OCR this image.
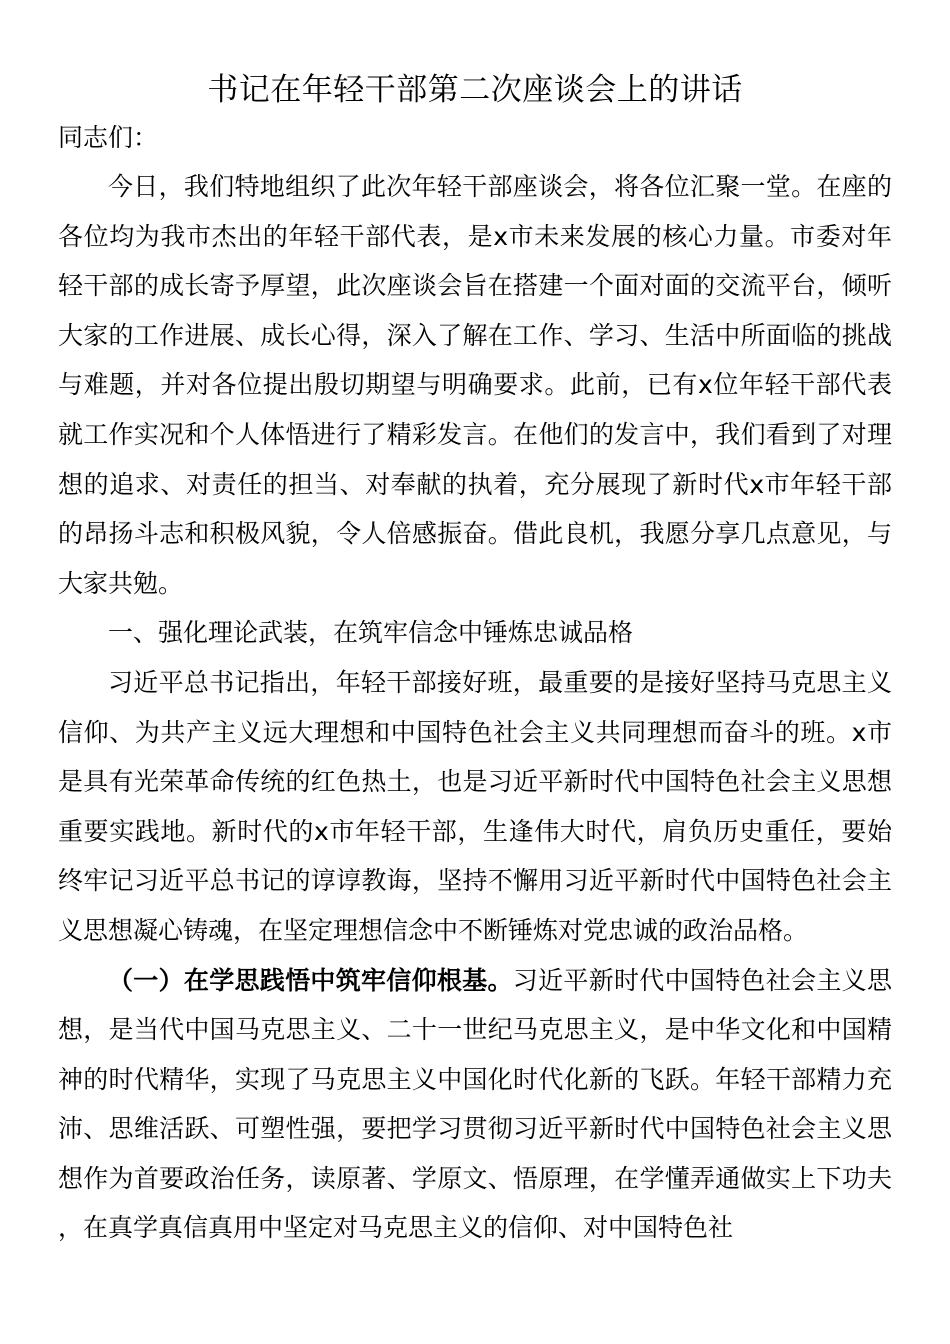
书记在年轻干部第二次座谈会上的讲话

同志们：

今日，我们特地组织了此次年轻干部座谈会，将各位汇聚一堂。在座的各位均为我市杰出的年轻干部代表，是x市未来发展的核心力量。市委对年轻干部的成长寄予厚望，此次座谈会旨在搭建一个面对面的交流平台，倾听大家的工作进展、成长心得，深入了解在工作、学习、生活中所面临的挑战与难题，并对各位提出殷切期望与明确要求。此前，已有x位年轻干部代表就工作实况和个人体悟进行了精彩发言。在他们的发言中，我们看到了对理想的追求、对责任的担当、对奉献的执着，充分展现了新时代x市年轻干部的昂扬斗志和积极风貌，令人倍感振奋。借此良机，我愿分享几点意见，与大家共勉。

一、强化理论武装，在筑牢信念中锤炼忠诚品格

习近平总书记指出，年轻干部接好班，最重要的是接好坚持马克思主义信仰、为共产主义远大理想和中国特色社会主义共同理想而奋斗的班。x市是具有光荣革命传统的红色热土，也是习近平新时代中国特色社会主义思想重要实践地。新时代的x市年轻干部，生逢伟大时代，肩负历史重任，要始终牢记习近平总书记的谆谆教诲，坚持不懈用习近平新时代中国特色社会主义思想凝心铸魂，在坚定理想信念中不断锤炼对党忠诚的政治品格。

（一）在学思践悟中筑牢信仰根基。习近平新时代中国特色社会主义思想，是当代中国马克思主义、二十一世纪马克思主义，是中华文化和中国精神的时代精华，实现了马克思主义中国化时代化新的飞跃。年轻干部精力充沛、思维活跃、可塑性强，要把学习贯彻习近平新时代中国特色社会主义思想作为首要政治任务，读原著、学原文、悟原理，在学懂弄通做实上下功夫，在真学真信真用中坚定对马克思主义的信仰、对中国特色社
